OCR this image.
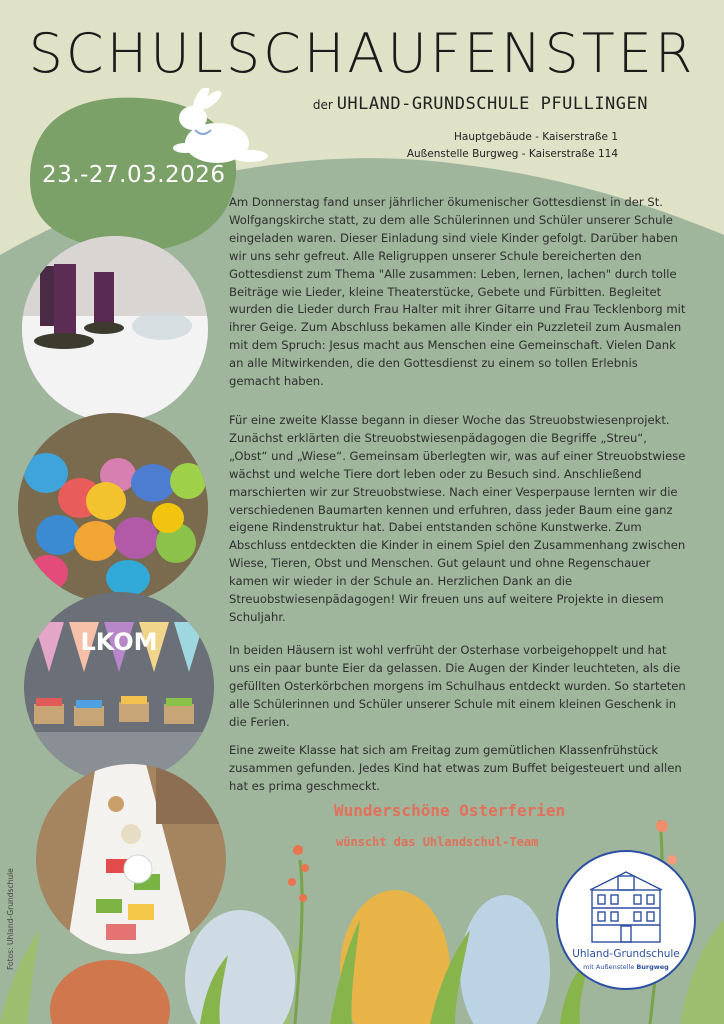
SCHULSCHAUFENSTER
der UHLAND-GRUNDSCHULE PFULLINGEN
Hauptgebäude - Kaiserstraße 1
Außenstelle Burgweg - Kaiserstraße 114
23.-27.03.2026
LKOM

Am Donnerstag fand unser jährlicher ökumenischer Gottesdienst in der St. Wolfgangskirche statt, zu dem alle Schülerinnen und Schüler unserer Schule eingeladen waren. Dieser Einladung sind viele Kinder gefolgt. Darüber haben wir uns sehr gefreut. Alle Religruppen unserer Schule bereicherten den Gottesdienst zum Thema "Alle zusammen: Leben, lernen, lachen" durch tolle Beiträge wie Lieder, kleine Theaterstücke, Gebete und Fürbitten. Begleitet wurden die Lieder durch Frau Halter mit ihrer Gitarre und Frau Tecklenborg mit ihrer Geige. Zum Abschluss bekamen alle Kinder ein Puzzleteil zum Ausmalen mit dem Spruch: Jesus macht aus Menschen eine Gemeinschaft. Vielen Dank an alle Mitwirkenden, die den Gottesdienst zu einem so tollen Erlebnis gemacht haben.

Für eine zweite Klasse begann in dieser Woche das Streuobstwiesenprojekt. Zunächst erklärten die Streuobstwiesenpädagogen die Begriffe „Streu“, „Obst“ und „Wiese“. Gemeinsam überlegten wir, was auf einer Streuobstwiese wächst und welche Tiere dort leben oder zu Besuch sind. Anschließend marschierten wir zur Streuobstwiese. Nach einer Vesperpause lernten wir die verschiedenen Baumarten kennen und erfuhren, dass jeder Baum eine ganz eigene Rindenstruktur hat. Dabei entstanden schöne Kunstwerke. Zum Abschluss entdeckten die Kinder in einem Spiel den Zusammenhang zwischen Wiese, Tieren, Obst und Menschen. Gut gelaunt und ohne Regenschauer kamen wir wieder in der Schule an. Herzlichen Dank an die Streuobstwiesenpädagogen! Wir freuen uns auf weitere Projekte in diesem Schuljahr.

In beiden Häusern ist wohl verfrüht der Osterhase vorbeigehoppelt und hat uns ein paar bunte Eier da gelassen. Die Augen der Kinder leuchteten, als die gefüllten Osterkörbchen morgens im Schulhaus entdeckt wurden. So starteten alle Schülerinnen und Schüler unserer Schule mit einem kleinen Geschenk in die Ferien.

Eine zweite Klasse hat sich am Freitag zum gemütlichen Klassenfrühstück zusammen gefunden. Jedes Kind hat etwas zum Buffet beigesteuert und allen hat es prima geschmeckt.

Wunderschöne Osterferien
wünscht das Uhlandschul-Team
Fotos: Uhland-Grundschule	Uhland-Grundschule
mit Außenstelle Burgweg
